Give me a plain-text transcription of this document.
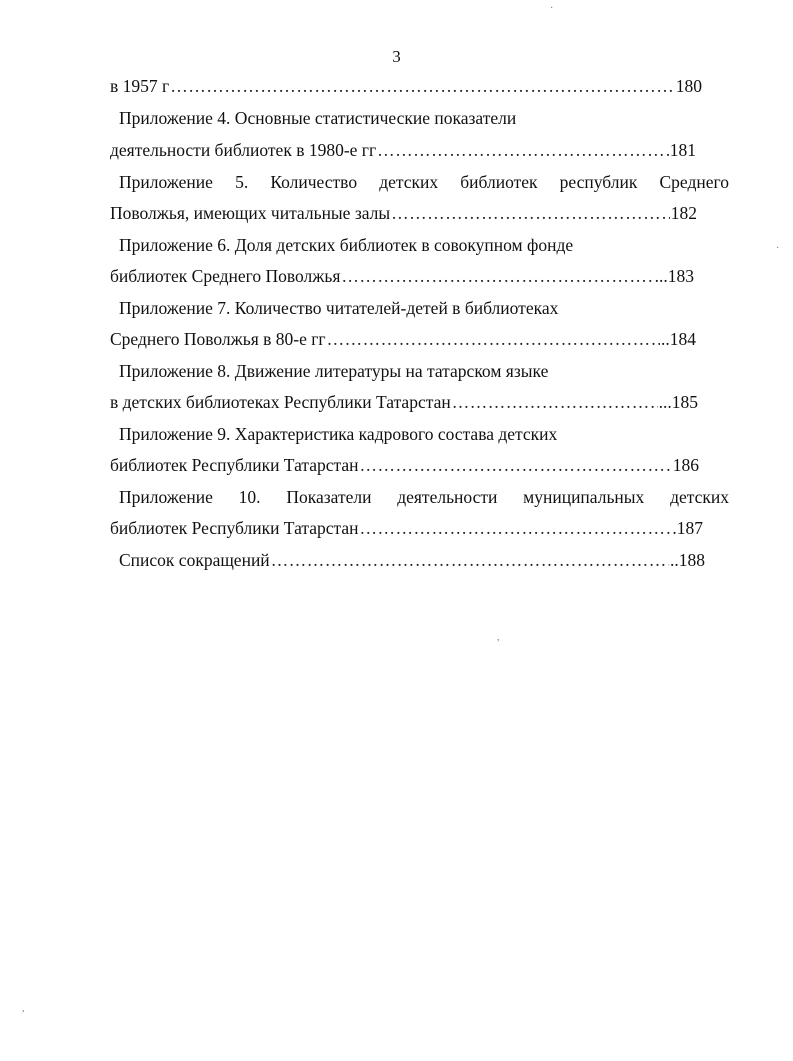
3
в 1957 г ……………………………………………………………………………………………………………………………………………………………………………………	180
Приложение 4. Основные статистические показатели
деятельности библиотек в 1980-е гг ……………………………………………………………………………………………………………………………………………………………………………………	181
Приложение 5. Количество детских библиотек республик Среднего
Поволжья, имеющих читальные залы ……………………………………………………………………………………………………………………………………………………………………………………	182
Приложение 6. Доля детских библиотек в совокупном фонде
библиотек Среднего Поволжья ……………………………………………………………………………………………………………………………………………………………………………………	...183
Приложение 7. Количество читателей-детей в библиотеках
Среднего Поволжья в 80-е гг ……………………………………………………………………………………………………………………………………………………………………………………	..184
Приложение 8. Движение литературы на татарском языке
в детских библиотеках Республики Татарстан ……………………………………………………………………………………………………………………………………………………………………………………	...185
Приложение 9. Характеристика кадрового состава детских
библиотек Республики Татарстан ……………………………………………………………………………………………………………………………………………………………………………………	186
Приложение 10. Показатели деятельности муниципальных детских
библиотек Республики Татарстан ……………………………………………………………………………………………………………………………………………………………………………………	.187
Список сокращений ……………………………………………………………………………………………………………………………………………………………………………………	..188
·
·
,
,
